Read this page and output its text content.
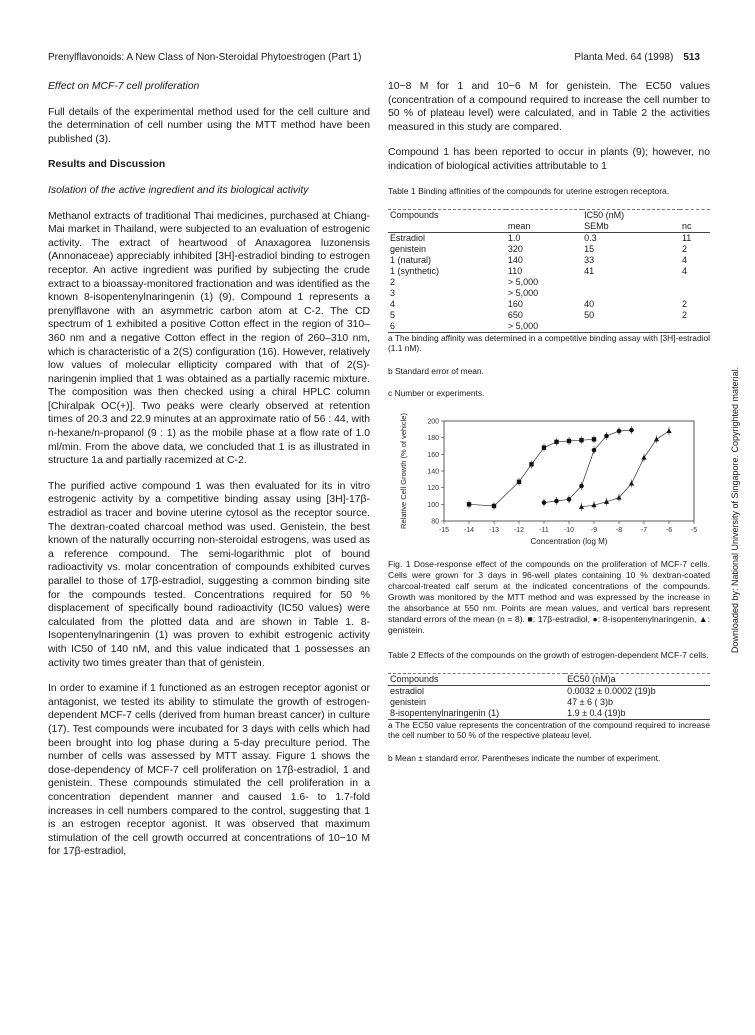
Prenylflavonoids: A New Class of Non-Steroidal Phytoestrogen (Part 1)	Planta Med. 64 (1998) 513
Effect on MCF-7 cell proliferation

Full details of the experimental method used for the cell culture and the determination of cell number using the MTT method have been published (3).

Results and Discussion
Isolation of the active ingredient and its biological activity

Methanol extracts of traditional Thai medicines, purchased at Chiang-Mai market in Thailand, were subjected to an evaluation of estrogenic activity. The extract of heartwood of Anaxagorea luzonensis (Annonaceae) appreciably inhibited [3H]-estradiol binding to estrogen receptor. An active ingredient was purified by subjecting the crude extract to a bioassay-monitored fractionation and was identified as the known 8-isopentenylnaringenin (1) (9). Compound 1 represents a prenylflavone with an asymmetric carbon atom at C-2. The CD spectrum of 1 exhibited a positive Cotton effect in the region of 310–360 nm and a negative Cotton effect in the region of 260–310 nm, which is characteristic of a 2(S) configuration (16). However, relatively low values of molecular ellipticity compared with that of 2(S)-naringenin implied that 1 was obtained as a partially racemic mixture. The composition was then checked using a chiral HPLC column [Chiralpak OC(+)]. Two peaks were clearly observed at retention times of 20.3 and 22.9 minutes at an approximate ratio of 56 : 44, with n-hexane/n-propanol (9 : 1) as the mobile phase at a flow rate of 1.0 ml/min. From the above data, we concluded that 1 is as illustrated in structure 1a and partially racemized at C-2.

The purified active compound 1 was then evaluated for its in vitro estrogenic activity by a competitive binding assay using [3H]-17β-estradiol as tracer and bovine uterine cytosol as the receptor source. The dextran-coated charcoal method was used. Genistein, the best known of the naturally occurring non-steroidal estrogens, was used as a reference compound. The semi-logarithmic plot of bound radioactivity vs. molar concentration of compounds exhibited curves parallel to those of 17β-estradiol, suggesting a common binding site for the compounds tested. Concentrations required for 50 % displacement of specifically bound radioactivity (IC50 values) were calculated from the plotted data and are shown in Table 1. 8-Isopentenylnaringenin (1) was proven to exhibit estrogenic activity with IC50 of 140 nM, and this value indicated that 1 possesses an activity two times greater than that of genistein.

In order to examine if 1 functioned as an estrogen receptor agonist or antagonist, we tested its ability to stimulate the growth of estrogen-dependent MCF-7 cells (derived from human breast cancer) in culture (17). Test compounds were incubated for 3 days with cells which had been brought into log phase during a 5-day preculture period. The number of cells was assessed by MTT assay. Figure 1 shows the dose-dependency of MCF-7 cell proliferation on 17β-estradiol, 1 and genistein. These compounds stimulated the cell proliferation in a concentration dependent manner and caused 1.6- to 1.7-fold increases in cell numbers compared to the control, suggesting that 1 is an estrogen receptor agonist. It was observed that maximum stimulation of the cell growth occurred at concentrations of 10−10 M for 17β-estradiol,

10−8 M for 1 and 10−6 M for genistein. The EC50 values (concentration of a compound required to increase the cell number to 50 % of plateau level) were calculated, and in Table 2 the activities measured in this study are compared.

Compound 1 has been reported to occur in plants (9); however, no indication of biological activities attributable to 1

Table 1 Binding affinities of the compounds for uterine estrogen receptora.

Compounds		IC50 (nM)	
	mean	SEMb	nc
Estradiol	1.0	0.3	11
genistein	320	15	2
1 (natural)	140	33	4
1 (synthetic)	110	41	4
2	> 5,000		
3	> 5,000		
4	160	40	2
5	650	50	2
6	> 5,000		

a The binding affinity was determined in a competitive binding assay with [3H]-estradiol (1.1 nM).

b Standard error of mean.

c Number or experiments.

-15 -14 -13 -12 -11 -10 -9	-8	-7	-6	-5
80
100
120
140
160
180
200
Concentration (log M)
Relative Cell Growth (% of vehicle)

Fig. 1 Dose-response effect of the compounds on the proliferation of MCF-7 cells. Cells were grown for 3 days in 96-well plates containing 10 % dextran-coated charcoal-treated calf serum at the indicated concentrations of the compounds. Growth was monitored by the MTT method and was expressed by the increase in the absorbance at 550 nm. Points are mean values, and vertical bars represent standard errors of the mean (n = 8). ■: 17β-estradiol, ●: 8-isopentenylnaringenin, ▲: genistein.

Table 2 Effects of the compounds on the growth of estrogen-dependent MCF-7 cells.

Compounds	EC50 (nM)a
estradiol	0.0032 ± 0.0002 (19)b
genistein	47 ± 6 ( 3)b
8-isopentenylnaringenin (1)	1.9 ± 0.4 (19)b

a The EC50 value represents the concentration of the compound required to increase the cell number to 50 % of the respective plateau level.

b Mean ± standard error. Parentheses indicate the number of experiment.

Downloaded by: National University of Singapore. Copyrighted material.
